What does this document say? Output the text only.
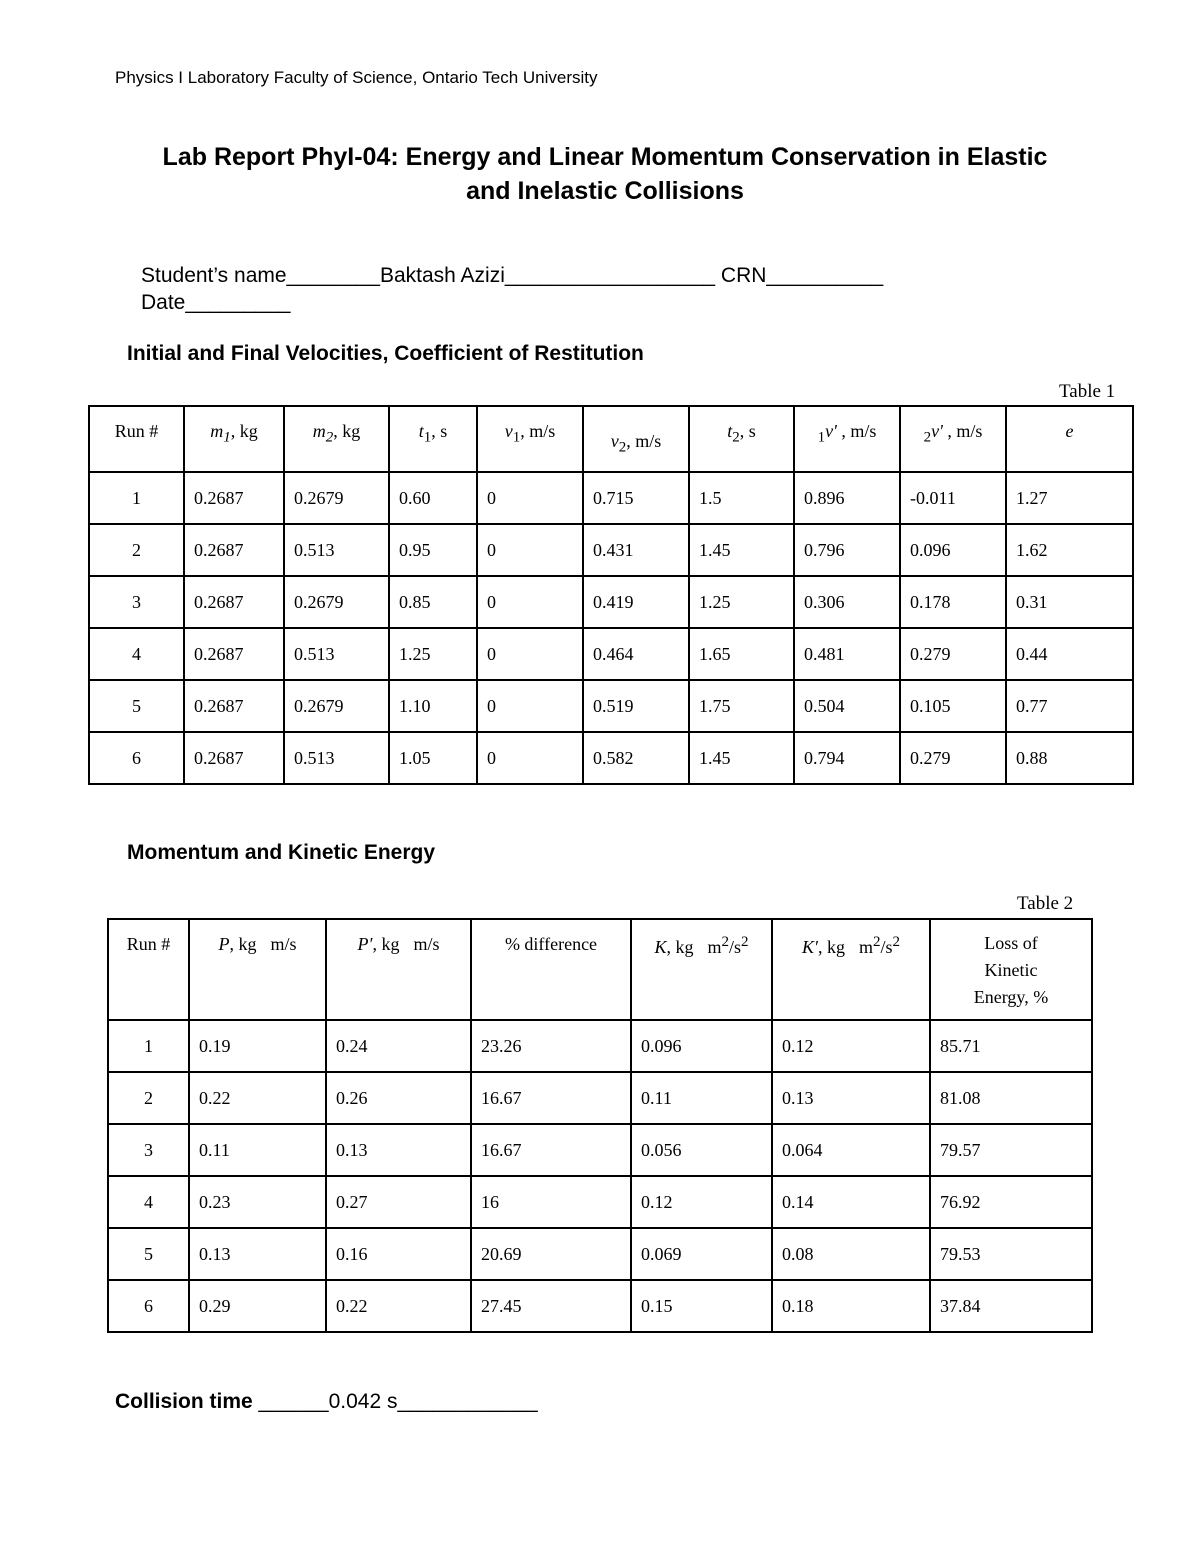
Physics I Laboratory Faculty of Science, Ontario Tech University
Lab Report PhyI-04: Energy and Linear Momentum Conservation in Elastic
and Inelastic Collisions
Student’s name________Baktash Azizi__________________ CRN__________
Date_________
Initial and Final Velocities, Coefficient of Restitution
Table 1
Run #	$m_1$, kg	$m_2$, kg	$t_1$, s	$v_1$, m/s	$v_2$, m/s	$t_2$, s	$_1$v' , m/s	$_2$v' , m/s	e
1	0.2687	0.2679	0.60	0	0.715	1.5	0.896	-0.011	1.27
2	0.2687	0.513	0.95	0	0.431	1.45	0.796	0.096	1.62
3	0.2687	0.2679	0.85	0	0.419	1.25	0.306	0.178	0.31
4	0.2687	0.513	1.25	0	0.464	1.65	0.481	0.279	0.44
5	0.2687	0.2679	1.10	0	0.519	1.75	0.504	0.105	0.77
6	0.2687	0.513	1.05	0	0.582	1.45	0.794	0.279	0.88
Momentum and Kinetic Energy
Table 2
Run #	P , kg m/s	P′ , kg m/s	% difference	K , kg $m^2/s^2$	K′ , kg $m^2/s^2$	Loss of Kinetic Energy, %
1	0.19	0.24	23.26	0.096	0.12	85.71
2	0.22	0.26	16.67	0.11	0.13	81.08
3	0.11	0.13	16.67	0.056	0.064	79.57
4	0.23	0.27	16	0.12	0.14	76.92
5	0.13	0.16	20.69	0.069	0.08	79.53
6	0.29	0.22	27.45	0.15	0.18	37.84
Collision time ______0.042 s____________
